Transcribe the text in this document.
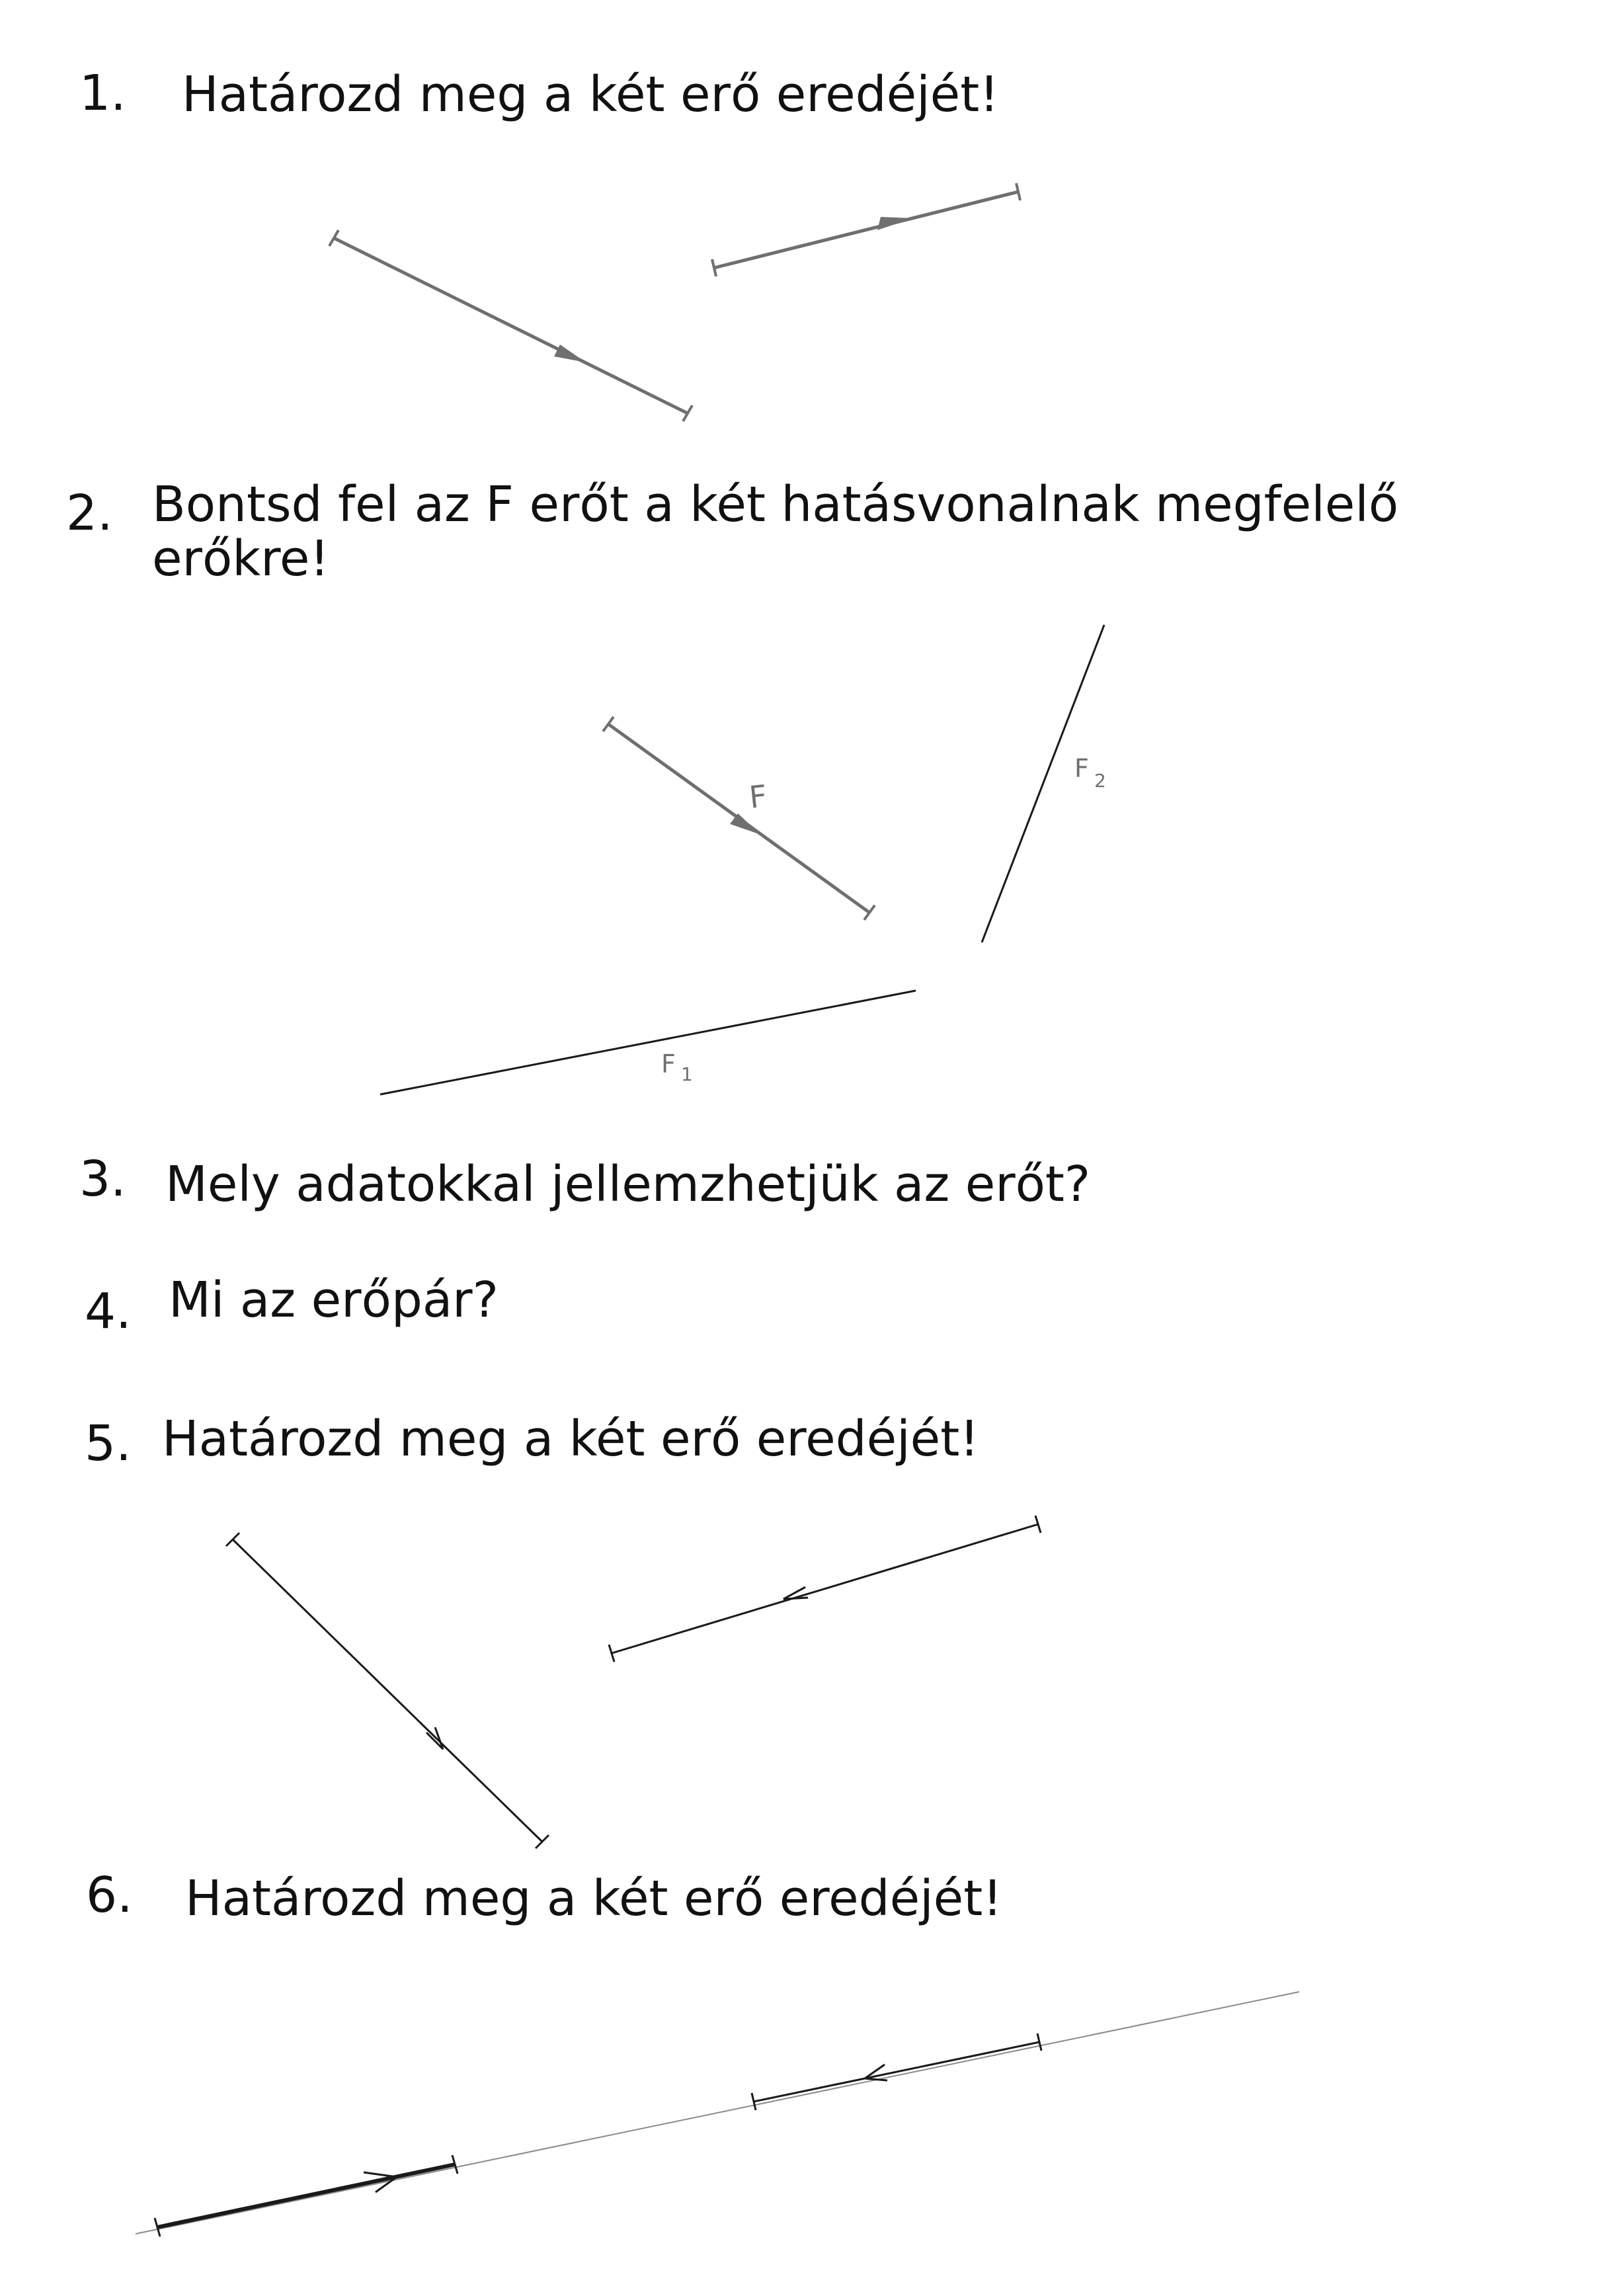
1. Határozd meg a két erő eredéjét!
2. Bontsd fel az F erőt a két hatásvonalnak megfelelő erőkre!
3. Mely adatokkal jellemzhetjük az erőt?
4. Mi az erőpár?
5. Határozd meg a két erő eredéjét!
6. Határozd meg a két erő eredéjét!
F
F 1
F 2
